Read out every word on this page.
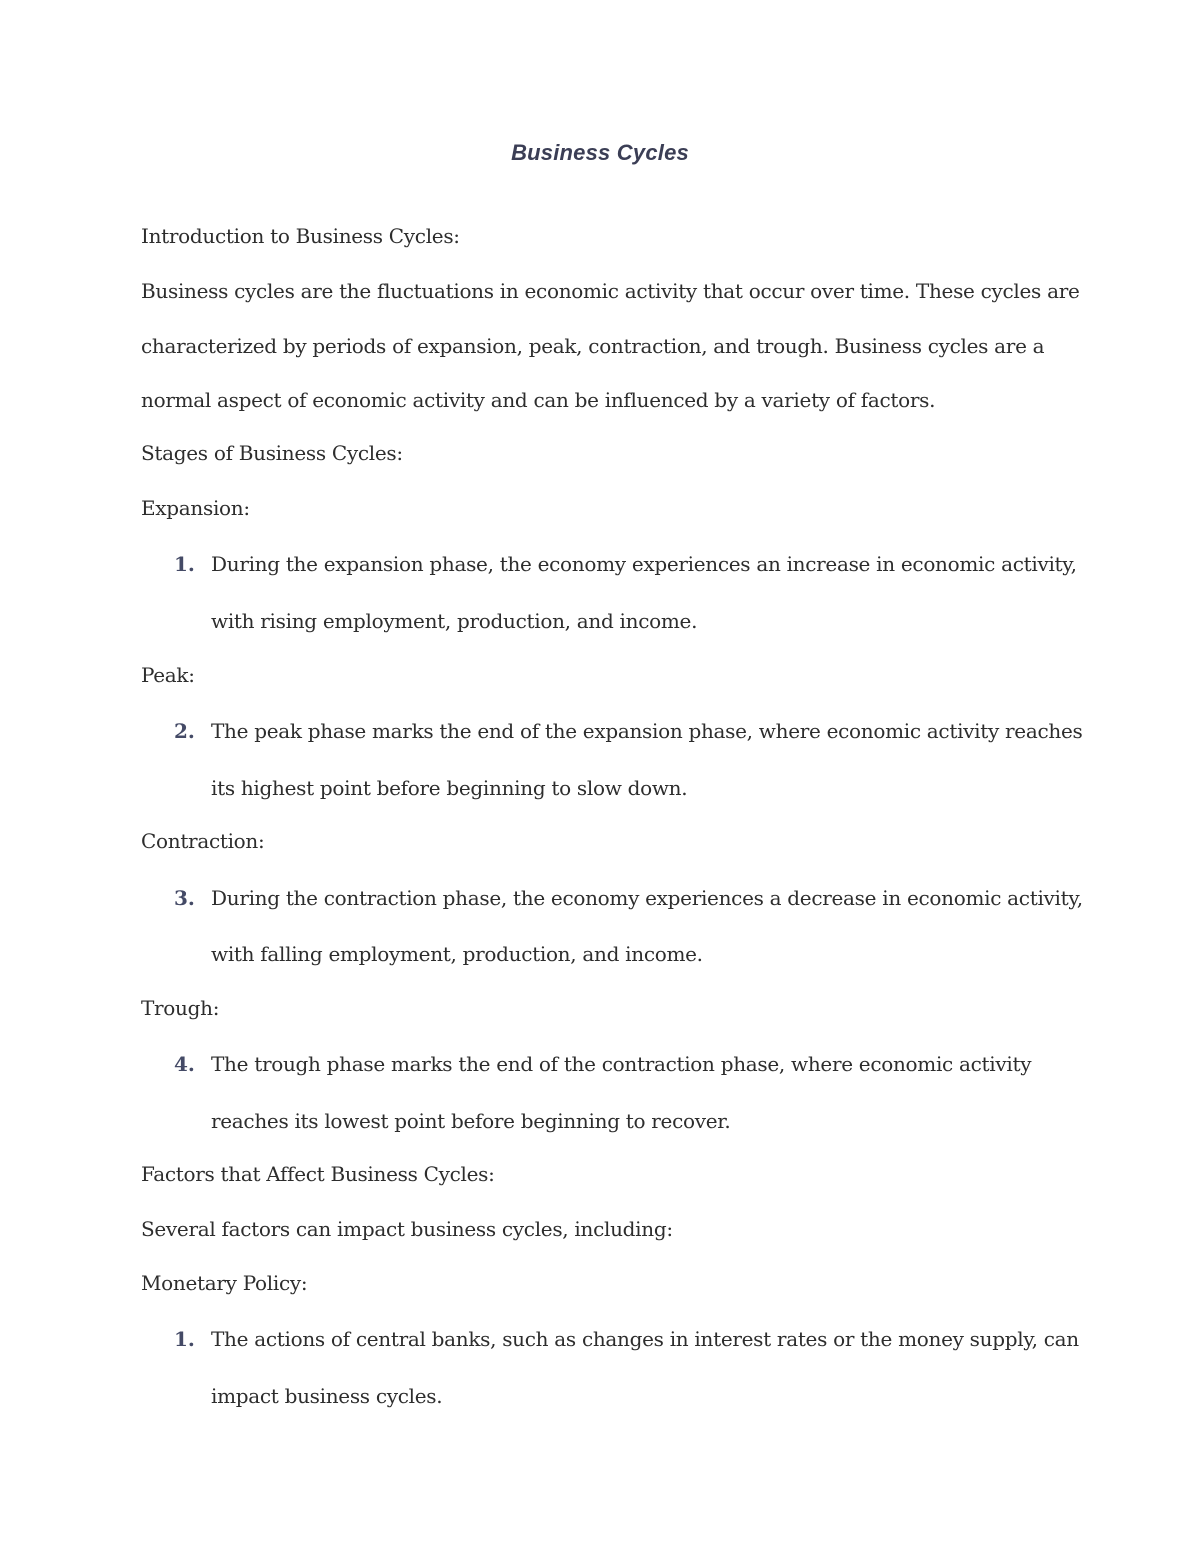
Business Cycles
Introduction to Business Cycles:
Business cycles are the fluctuations in economic activity that occur over time. These cycles are
characterized by periods of expansion, peak, contraction, and trough. Business cycles are a
normal aspect of economic activity and can be influenced by a variety of factors.
Stages of Business Cycles:
Expansion:
1. During the expansion phase, the economy experiences an increase in economic activity,
with rising employment, production, and income.
Peak:
2. The peak phase marks the end of the expansion phase, where economic activity reaches
its highest point before beginning to slow down.
Contraction:
3. During the contraction phase, the economy experiences a decrease in economic activity,
with falling employment, production, and income.
Trough:
4. The trough phase marks the end of the contraction phase, where economic activity
reaches its lowest point before beginning to recover.
Factors that Affect Business Cycles:
Several factors can impact business cycles, including:
Monetary Policy:
1. The actions of central banks, such as changes in interest rates or the money supply, can
impact business cycles.
